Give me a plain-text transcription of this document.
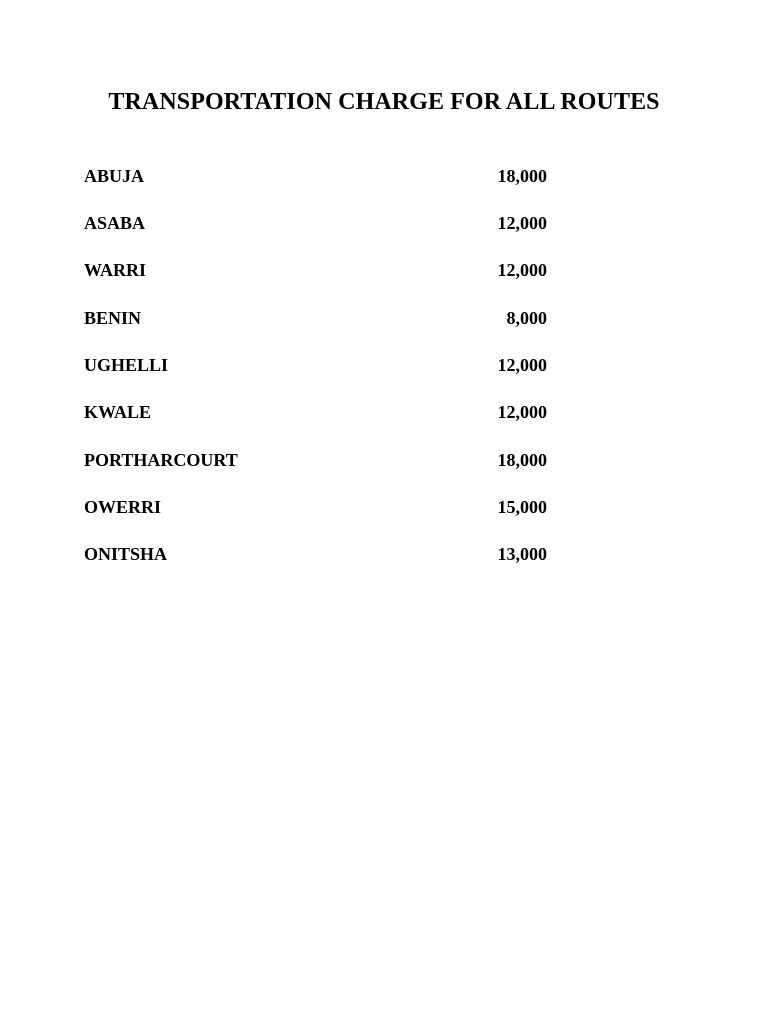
TRANSPORTATION CHARGE FOR ALL ROUTES
ABUJA	18,000
ASABA	12,000
WARRI	12,000
BENIN	8,000
UGHELLI	12,000
KWALE	12,000
PORTHARCOURT	18,000
OWERRI	15,000
ONITSHA	13,000
